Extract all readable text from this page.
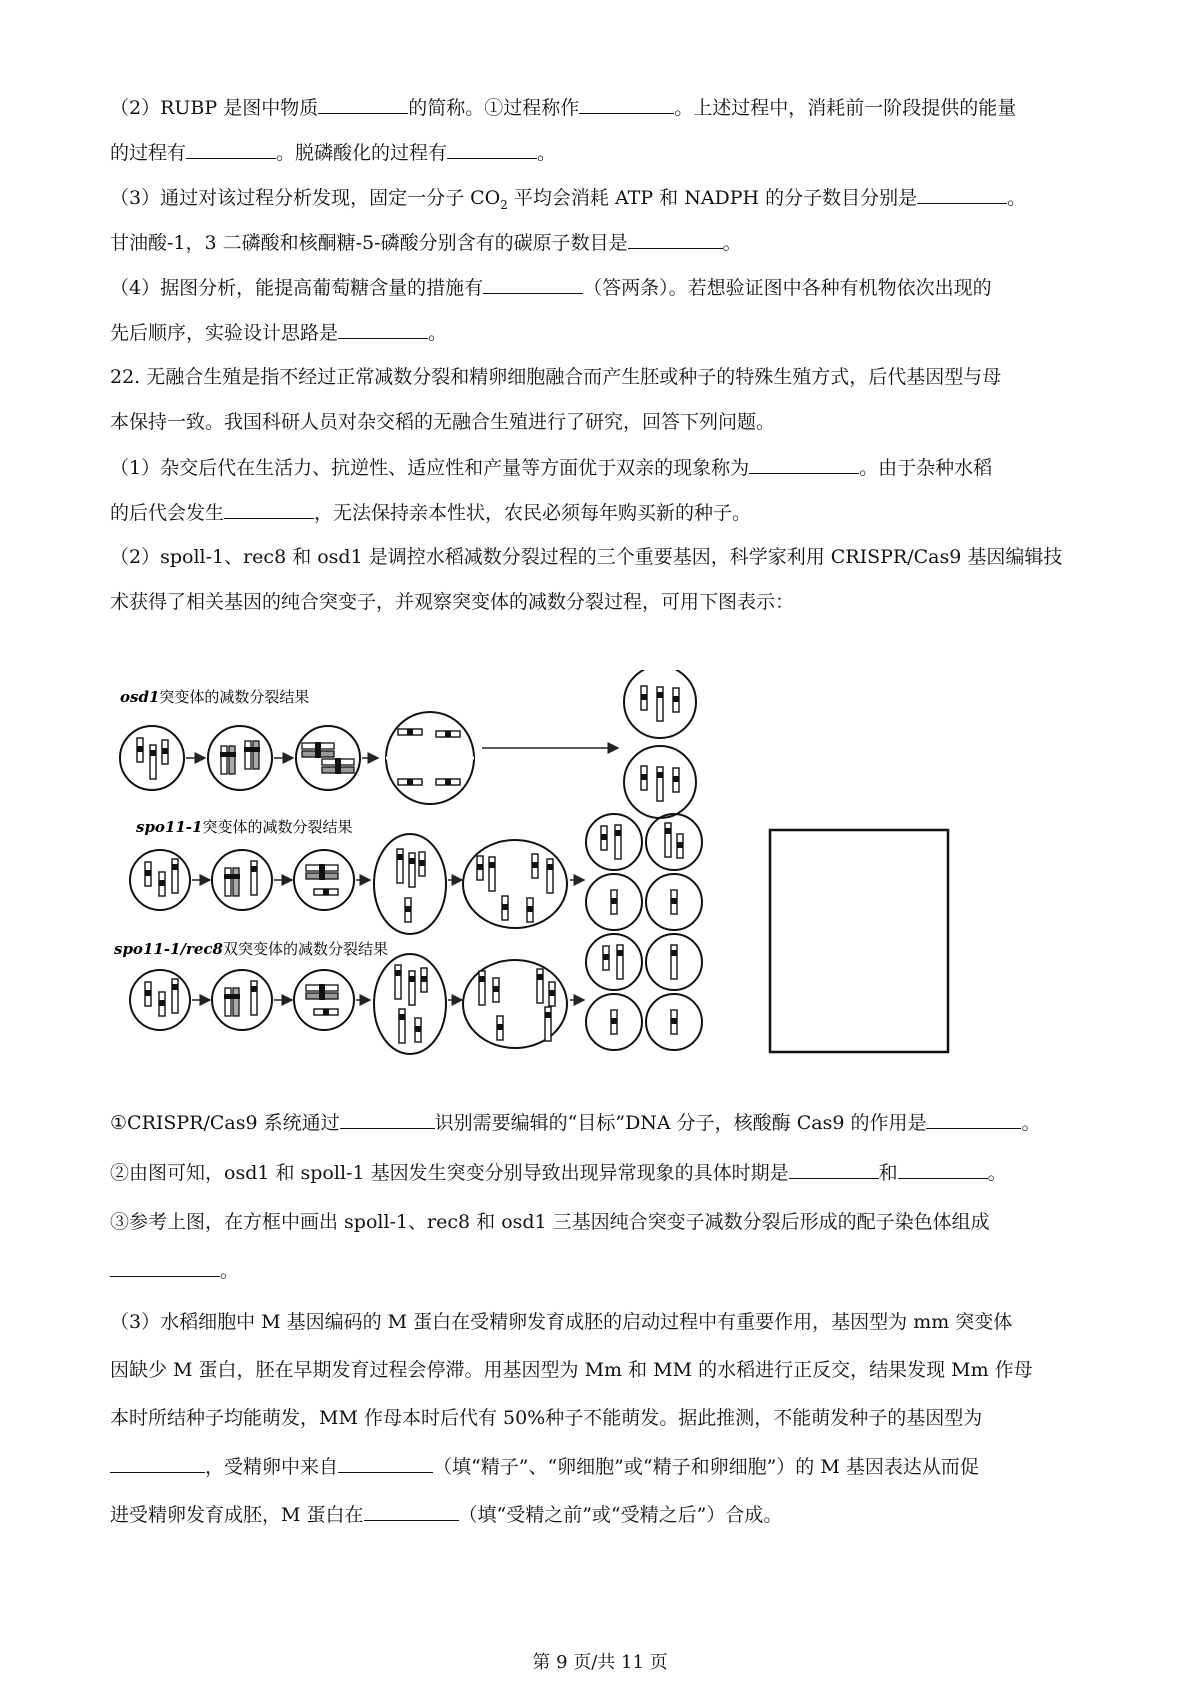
（2）RUBP 是图中物质	的简称。①过程称作	。上述过程中，消耗前一阶段提供的能量
的过程有	。脱磷酸化的过程有	。
（3）通过对该过程分析发现，固定一分子 $CO_2$ 平均会消耗 ATP 和 NADPH 的分子数目分别是	。
甘油酸-1，3 二磷酸和核酮糖-5-磷酸分别含有的碳原子数目是	。
（4）据图分析，能提高葡萄糖含量的措施有	（答两条）。若想验证图中各种有机物依次出现的
先后顺序，实验设计思路是	。
22. 无融合生殖是指不经过正常减数分裂和精卵细胞融合而产生胚或种子的特殊生殖方式，后代基因型与母
本保持一致。我国科研人员对杂交稻的无融合生殖进行了研究，回答下列问题。
（1）杂交后代在生活力、抗逆性、适应性和产量等方面优于双亲的现象称为	。由于杂种水稻
的后代会发生	，无法保持亲本性状，农民必须每年购买新的种子。
（2）spoll-1、rec8 和 osd1 是调控水稻减数分裂过程的三个重要基因，科学家利用 CRISPR/Cas9 基因编辑技
术获得了相关基因的纯合突变子，并观察突变体的减数分裂过程，可用下图表示：
osd1突变体的减数分裂结果
spo11-1突变体的减数分裂结果
spo11-1/rec8双突变体的减数分裂结果
①CRISPR/Cas9 系统通过	识别需要编辑的“目标”DNA 分子，核酸酶 Cas9 的作用是	。
②由图可知，osd1 和 spoll-1 基因发生突变分别导致出现异常现象的具体时期是	和	。
③参考上图，在方框中画出 spoll-1、rec8 和 osd1 三基因纯合突变子减数分裂后形成的配子染色体组成
。
（3）水稻细胞中 M 基因编码的 M 蛋白在受精卵发育成胚的启动过程中有重要作用，基因型为 mm 突变体
因缺少 M 蛋白，胚在早期发育过程会停滞。用基因型为 Mm 和 MM 的水稻进行正反交，结果发现 Mm 作母
本时所结种子均能萌发，MM 作母本时后代有 50%种子不能萌发。据此推测，不能萌发种子的基因型为
，受精卵中来自	（填“精子”、“卵细胞”或“精子和卵细胞”）的 M 基因表达从而促
进受精卵发育成胚，M 蛋白在	（填“受精之前”或“受精之后”）合成。
第 9 页/共 11 页
